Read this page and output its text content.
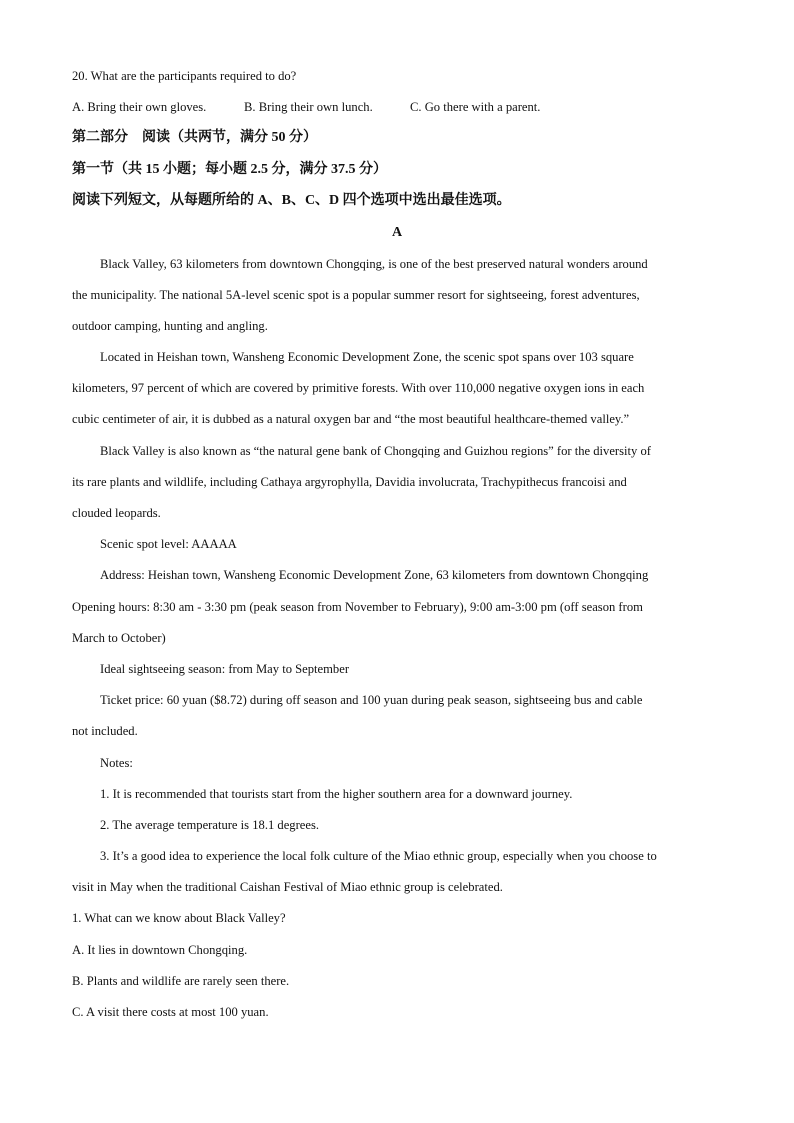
20. What are the participants required to do?
A. Bring their own gloves.	B. Bring their own lunch.	C. Go there with a parent.
第二部分　阅读（共两节，满分 50 分）
第一节（共 15 小题；每小题 2.5 分，满分 37.5 分）
阅读下列短文，从每题所给的 A、B、C、D 四个选项中选出最佳选项。
A
Black Valley, 63 kilometers from downtown Chongqing, is one of the best preserved natural wonders around
the municipality. The national 5A-level scenic spot is a popular summer resort for sightseeing, forest adventures,
outdoor camping, hunting and angling.
Located in Heishan town, Wansheng Economic Development Zone, the scenic spot spans over 103 square
kilometers, 97 percent of which are covered by primitive forests. With over 110,000 negative oxygen ions in each
cubic centimeter of air, it is dubbed as a natural oxygen bar and “the most beautiful healthcare-themed valley.”
Black Valley is also known as “the natural gene bank of Chongqing and Guizhou regions” for the diversity of
its rare plants and wildlife, including Cathaya argyrophylla, Davidia involucrata, Trachypithecus francoisi and
clouded leopards.
Scenic spot level: AAAAA
Address: Heishan town, Wansheng Economic Development Zone, 63 kilometers from downtown Chongqing
Opening hours: 8:30 am - 3:30 pm (peak season from November to February), 9:00 am-3:00 pm (off season from
March to October)
Ideal sightseeing season: from May to September
Ticket price: 60 yuan ($8.72) during off season and 100 yuan during peak season, sightseeing bus and cable
not included.
Notes:
1. It is recommended that tourists start from the higher southern area for a downward journey.
2. The average temperature is 18.1 degrees.
3. It’s a good idea to experience the local folk culture of the Miao ethnic group, especially when you choose to
visit in May when the traditional Caishan Festival of Miao ethnic group is celebrated.
1. What can we know about Black Valley?
A. It lies in downtown Chongqing.
B. Plants and wildlife are rarely seen there.
C. A visit there costs at most 100 yuan.
